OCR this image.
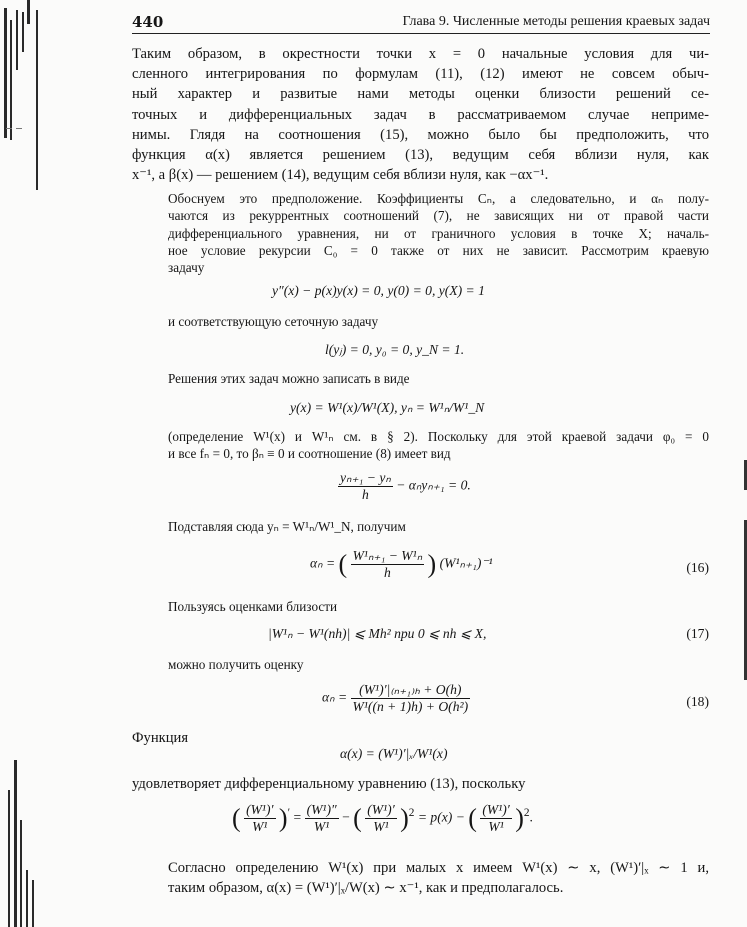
440	Глава 9. Численные методы решения краевых задач
Таким образом, в окрестности точки x = 0 начальные условия для чи-
сленного интегрирования по формулам (11), (12) имеют не совсем обыч-
ный характер и развитые нами методы оценки близости решений се-
точных и дифференциальных задач в рассматриваемом случае неприме-
нимы. Глядя на соотношения (15), можно было бы предположить, что
функция α(x) является решением (13), ведущим себя вблизи нуля, как
x⁻¹, а β(x) — решением (14), ведущим себя вблизи нуля, как −αx⁻¹.
Обоснуем это предположение. Коэффициенты Cₙ, а следовательно, и αₙ полу-
чаются из рекуррентных соотношений (7), не зависящих ни от правой части
дифференциального уравнения, ни от граничного условия в точке X; началь-
ное условие рекурсии C₀ = 0 также от них не зависит. Рассмотрим краевую
задачу
y″(x) − p(x)y(x) = 0, y(0) = 0, y(X) = 1
и соответствующую сеточную задачу
l(yⱼ) = 0, y₀ = 0, y_N = 1.
Решения этих задач можно записать в виде
y(x) = W¹(x)/W¹(X), yₙ = W¹ₙ/W¹_N
(определение W¹(x) и W¹ₙ см. в § 2). Поскольку для этой краевой задачи φ₀ = 0
и все fₙ = 0, то βₙ ≡ 0 и соотношение (8) имеет вид
$\frac{\text{yₙ₊₁ − yₙ}}{h} - \alpha_ny_{n+1} = 0$.
Подставляя сюда yₙ = W¹ₙ/W¹_N, получим
αₙ = ( $\frac{\text{W¹ₙ₊₁ − W¹ₙ}}{h}$ ) (W¹ₙ₊₁)⁻¹	(16)
Пользуясь оценками близости
|W¹ₙ − W¹(nh)| ⩽ Mh² при 0 ⩽ nh ⩽ X,	(17)
можно получить оценку
$\alpha_n = \frac{\text{(W¹)′|₍ₙ₊₁₎ₕ + O(h)}}{\text{W¹((n + 1)h) + O(h²)}}$	(18)
Функция
α(x) = (W¹)′|ₓ/W¹(x)
удовлетворяет дифференциальному уравнению (13), поскольку
( $\frac{\text{(W¹)′}}{\text{W¹}} )' = \frac{\text{(W¹)″}}{\text{W¹}}$ − ( $\frac{\text{(W¹)′}}{\text{W¹}} )^2 = p(x)$ − ( $\frac{\text{(W¹)′}}{\text{W¹}} )^2$.
Согласно определению W¹(x) при малых x имеем W¹(x) ∼ x, (W¹)′|ₓ ∼ 1 и,
таким образом, α(x) = (W¹)′|ₓ/W(x) ∼ x⁻¹, как и предполагалось.
